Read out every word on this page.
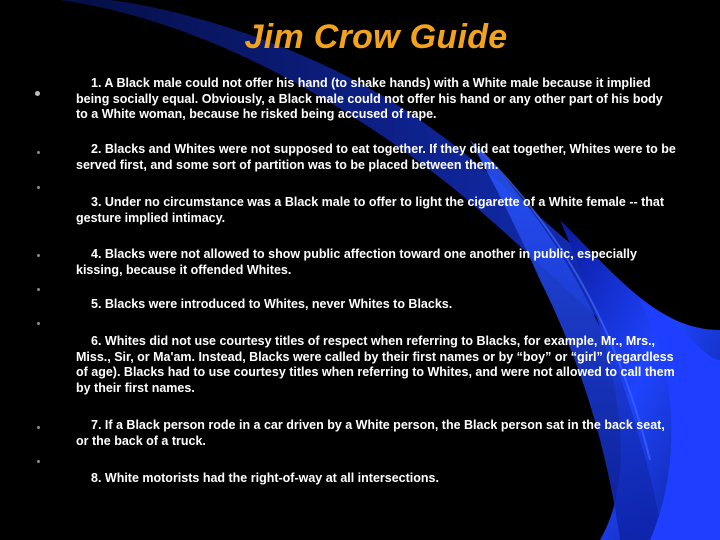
Jim Crow Guide

1. A Black male could not offer his hand (to shake hands) with a White male because it implied being socially equal. Obviously, a Black male could not offer his hand or any other part of his body to a White woman, because he risked being accused of rape.

2. Blacks and Whites were not supposed to eat together. If they did eat together, Whites were to be served first, and some sort of partition was to be placed between them.

3. Under no circumstance was a Black male to offer to light the cigarette of a White female -- that gesture implied intimacy.

4. Blacks were not allowed to show public affection toward one another in public, especially kissing, because it offended Whites.

5. Blacks were introduced to Whites, never Whites to Blacks.

6. Whites did not use courtesy titles of respect when referring to Blacks, for example, Mr., Mrs., Miss., Sir, or Ma'am. Instead, Blacks were called by their first names or by “boy” or “girl” (regardless of age). Blacks had to use courtesy titles when referring to Whites, and were not allowed to call them by their first names.

7. If a Black person rode in a car driven by a White person, the Black person sat in the back seat, or the back of a truck.

8. White motorists had the right-of-way at all intersections.
